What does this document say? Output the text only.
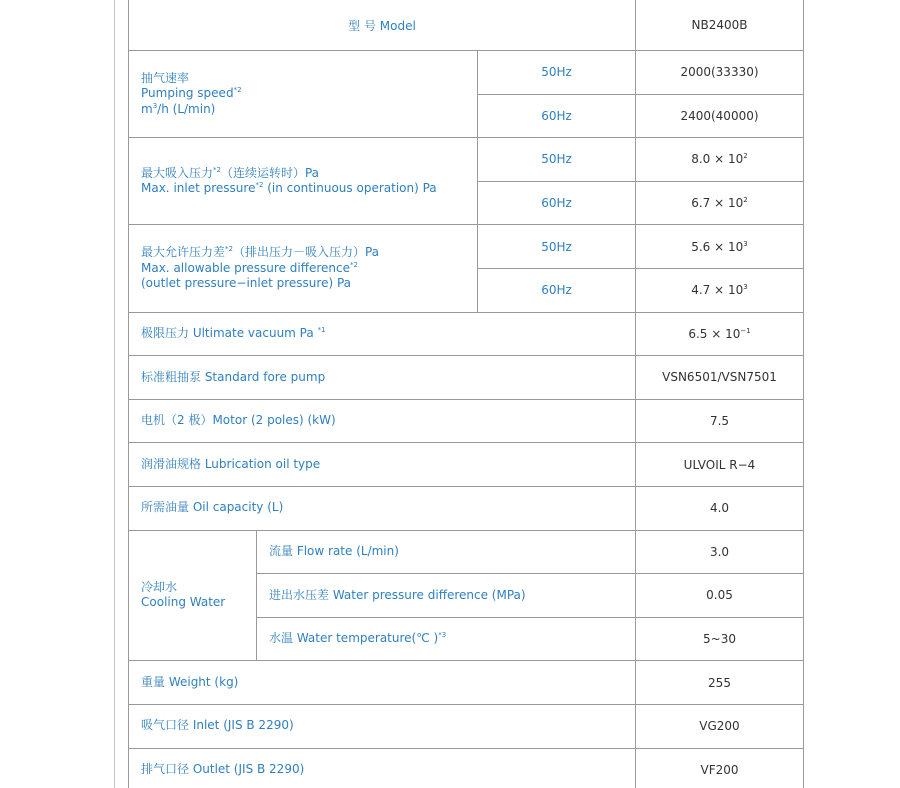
型 号 Model			NB2400B

抽气速率
Pumping speed$^{*2}$
$m^3/h$ (L/min)		50Hz	2000(33330)
		60Hz	2400(40000)

最大吸入压力$^{*2}$（连续运转时）Pa
Max. inlet pressure$^{*2}$ (in continuous operation) Pa		50Hz	$8.0 \times 10^2$
		60Hz	$6.7 \times 10^2$

最大允许压力差$^{*2}$（排出压力－吸入压力）Pa
Max. allowable pressure difference$^{*2}$
(outlet pressure−inlet pressure) Pa		50Hz	$5.6 \times 10^3$
		60Hz	$4.7 \times 10^3$
极限压力 Ultimate vacuum Pa $^{*1}$			$6.5 \times 10^{-1}$
标准粗抽泵 Standard fore pump			VSN6501/VSN7501
电机（2 极）Motor (2 poles) (kW)			7.5
润滑油规格 Lubrication oil type			ULVOIL R−4
所需油量 Oil capacity (L)			4.0

冷却水
Cooling Water	流量 Flow rate (L/min)		3.0
	进出水压差 Water pressure difference (MPa)		0.05
	水温 Water temperature(℃ )$^{*3}$		5~30
重量 Weight (kg)			255
吸气口径 Inlet (JIS B 2290)			VG200
排气口径 Outlet (JIS B 2290)			VF200
